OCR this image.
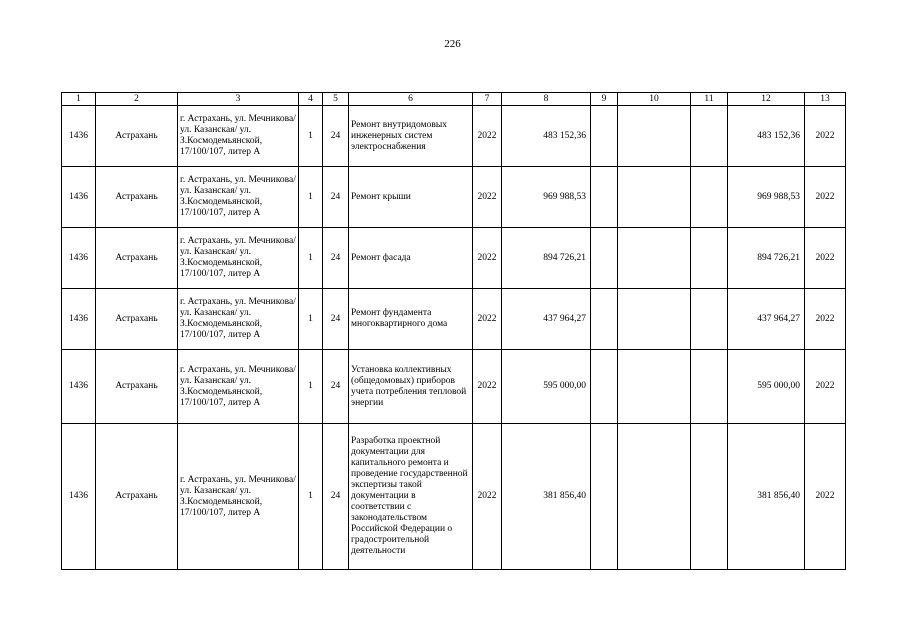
226
1	2	3	4	5	6	7	8	9	10	11	12	13
1436	Астрахань	г. Астрахань, ул. Мечникова/ ул. Казанская/ ул. З.Космодемьянской, 17/100/107, литер А	1	24	Ремонт внутридомовых инженерных систем электроснабжения	2022	483 152,36				483 152,36	2022
1436	Астрахань	г. Астрахань, ул. Мечникова/ ул. Казанская/ ул. З.Космодемьянской, 17/100/107, литер А	1	24	Ремонт крыши	2022	969 988,53				969 988,53	2022
1436	Астрахань	г. Астрахань, ул. Мечникова/ ул. Казанская/ ул. З.Космодемьянской, 17/100/107, литер А	1	24	Ремонт фасада	2022	894 726,21				894 726,21	2022
1436	Астрахань	г. Астрахань, ул. Мечникова/ ул. Казанская/ ул. З.Космодемьянской, 17/100/107, литер А	1	24	Ремонт фундамента многоквартирного дома	2022	437 964,27				437 964,27	2022
1436	Астрахань	г. Астрахань, ул. Мечникова/ ул. Казанская/ ул. З.Космодемьянской, 17/100/107, литер А	1	24	Установка коллективных (общедомовых) приборов учета потребления тепловой энергии	2022	595 000,00				595 000,00	2022
1436	Астрахань	г. Астрахань, ул. Мечникова/ ул. Казанская/ ул. З.Космодемьянской, 17/100/107, литер А	1	24	Разработка проектной документации для капитального ремонта и проведение государственной экспертизы такой документации в соответствии с законодательством Российской Федерации о градостроительной деятельности	2022	381 856,40				381 856,40	2022
